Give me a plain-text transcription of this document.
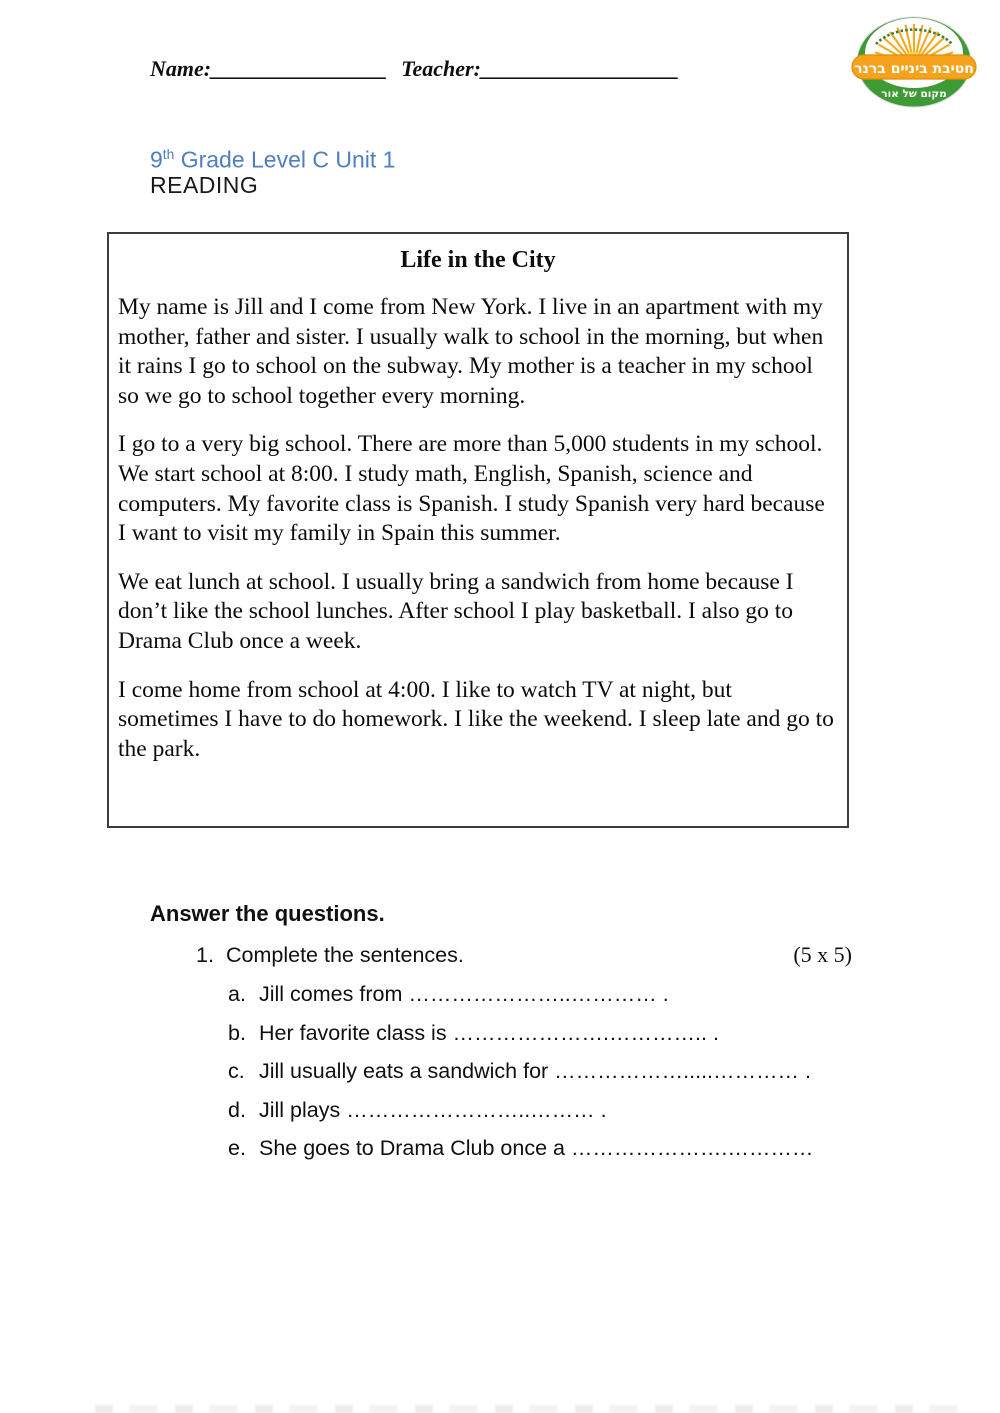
Name:________________ Teacher:__________________	חטיבת ביניים ברנר
מקום של אור
9th Grade Level C Unit 1
READING
Life in the City

My name is Jill and I come from New York. I live in an apartment with my mother, father and sister. I usually walk to school in the morning, but when it rains I go to school on the subway. My mother is a teacher in my school so we go to school together every morning.

I go to a very big school. There are more than 5,000 students in my school. We start school at 8:00. I study math, English, Spanish, science and computers. My favorite class is Spanish. I study Spanish very hard because I want to visit my family in Spain this summer.

We eat lunch at school. I usually bring a sandwich from home because I don’t like the school lunches. After school I play basketball. I also go to Drama Club once a week.

I come home from school at 4:00. I like to watch TV at night, but sometimes I have to do homework. I like the weekend. I sleep late and go to the park.

Answer the questions.

1. Complete the sentences.	(5 x 5)
a. Jill comes from …………………..………… .
b. Her favorite class is ………………….………….. .
c. Jill usually eats a sandwich for ……………….....………… .
d. Jill plays ……………………..……… .
e. She goes to Drama Club once a ………………….…………
